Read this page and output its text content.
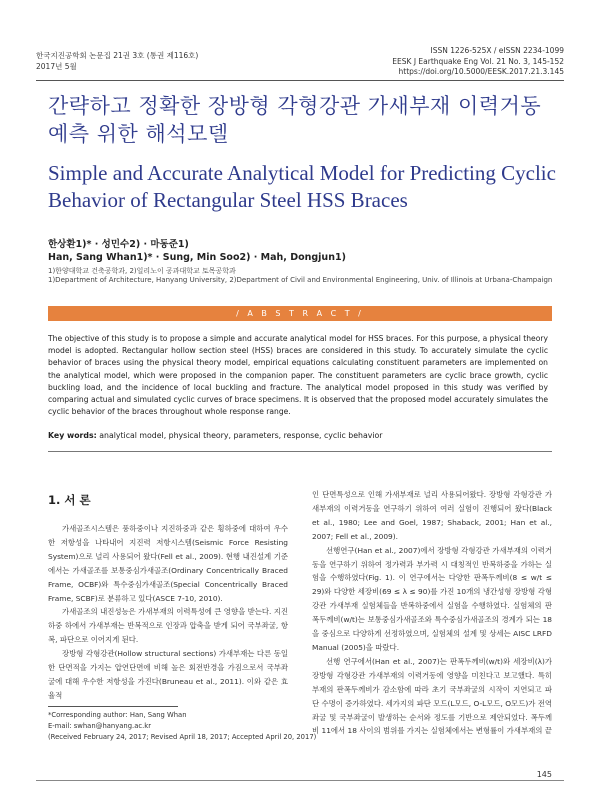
한국지진공학회 논문집 21권 3호 (통권 제116호)
2017년 5월
ISSN 1226-525X / eISSN 2234-1099
EESK J Earthquake Eng Vol. 21 No. 3, 145-152
https://doi.org/10.5000/EESK.2017.21.3.145
간략하고 정확한 장방형 각형강관 가새부재 이력거동
예측 위한 해석모델
Simple and Accurate Analytical Model for Predicting Cyclic
Behavior of Rectangular Steel HSS Braces
한상환1)* · 성민수2) · 마동준1)
Han, Sang Whan1)* · Sung, Min Soo2) · Mah, Dongjun1)
1)한양대학교 건축공학과, 2)일리노이 공과대학교 토목공학과
1)Department of Architecture, Hanyang University, 2)Department of Civil and Environmental Engineering, Univ. of Illinois at Urbana-Champaign
/ A B S T R A C T /
The objective of this study is to propose a simple and accurate analytical model for HSS braces. For this purpose, a physical theory model is adopted. Rectangular hollow section steel (HSS) braces are considered in this study. To accurately simulate the cyclic behavior of braces using the physical theory model, empirical equations calculating constituent parameters are implemented on the analytical model, which were proposed in the companion paper. The constituent parameters are cyclic brace growth, cyclic buckling load, and the incidence of local buckling and fracture. The analytical model proposed in this study was verified by comparing actual and simulated cyclic curves of brace specimens. It is observed that the proposed model accurately simulates the cyclic behavior of the braces throughout whole response range.
Key words: analytical model, physical theory, parameters, response, cyclic behavior
1. 서 론

가새골조시스템은 풍하중이나 지진하중과 같은 횡하중에 대하여 우수한 저항성을 나타내어 지진력 저항시스템(Seismic Force Resisting System)으로 널리 사용되어 왔다(Fell et al., 2009). 현행 내진설계 기준에서는 가새골조를 보통중심가새골조(Ordinary Concentrically Braced Frame, OCBF)와 특수중심가새골조(Special Concentrically Braced Frame, SCBF)로 분류하고 있다(ASCE 7-10, 2010).

가새골조의 내진성능은 가새부재의 이력특성에 큰 영향을 받는다. 지진하중 하에서 가새부재는 반복적으로 인장과 압축을 받게 되어 국부좌굴, 항복, 파단으로 이어지게 된다.

장방형 각형강관(Hollow structural sections) 가새부재는 다른 동일한 단면적을 가지는 압연단면에 비해 높은 회전반경을 가짐으로서 국부좌굴에 대해 우수한 저항성을 가진다(Bruneau et al., 2011). 이와 같은 효율적

인 단면특성으로 인해 가새부재로 널리 사용되어왔다. 장방형 각형강관 가새부재의 이력거동을 연구하기 위하여 여러 실험이 진행되어 왔다(Black et al., 1980; Lee and Goel, 1987; Shaback, 2001; Han et al., 2007; Fell et al., 2009).

선행연구(Han et al., 2007)에서 장방형 각형강관 가새부재의 이력거동을 연구하기 위하여 정가력과 부가력 시 대칭적인 반복하중을 가하는 실험을 수행하였다(Fig. 1). 이 연구에서는 다양한 판폭두께비(8 ≤ w/t ≤ 29)와 다양한 세장비(69 ≤ λ ≤ 90)를 가진 10개의 냉간성형 장방형 각형강관 가새부재 실험체들을 반복하중에서 실험을 수행하였다. 실험체의 판폭두께비(w/t)는 보통중심가새골조와 특수중심가새골조의 경계가 되는 18을 중심으로 다양하게 선정하였으며, 실험체의 설계 및 상세는 AISC LRFD Manual (2005)을 따랐다.

선행 연구에서(Han et al., 2007)는 판폭두께비(w/t)와 세장비(λ)가 장방형 각형강관 가새부재의 이력거동에 영향을 미친다고 보고했다. 특히 부재의 판폭두께비가 감소함에 따라 초기 국부좌굴의 시작이 지연되고 파단 수명이 증가하였다. 세가지의 파단 모드(L모드, O-L모드, O모드)가 전역좌굴 및 국부좌굴이 발생하는 순서와 정도를 기반으로 제안되었다. 폭두께비 11에서 18 사이의 범위를 가지는 실험체에서는 변형률이 가새부재의 끝

*Corresponding author: Han, Sang Whan
E-mail: swhan@hanyang.ac.kr
(Received February 24, 2017; Revised April 18, 2017; Accepted April 20, 2017)
145
